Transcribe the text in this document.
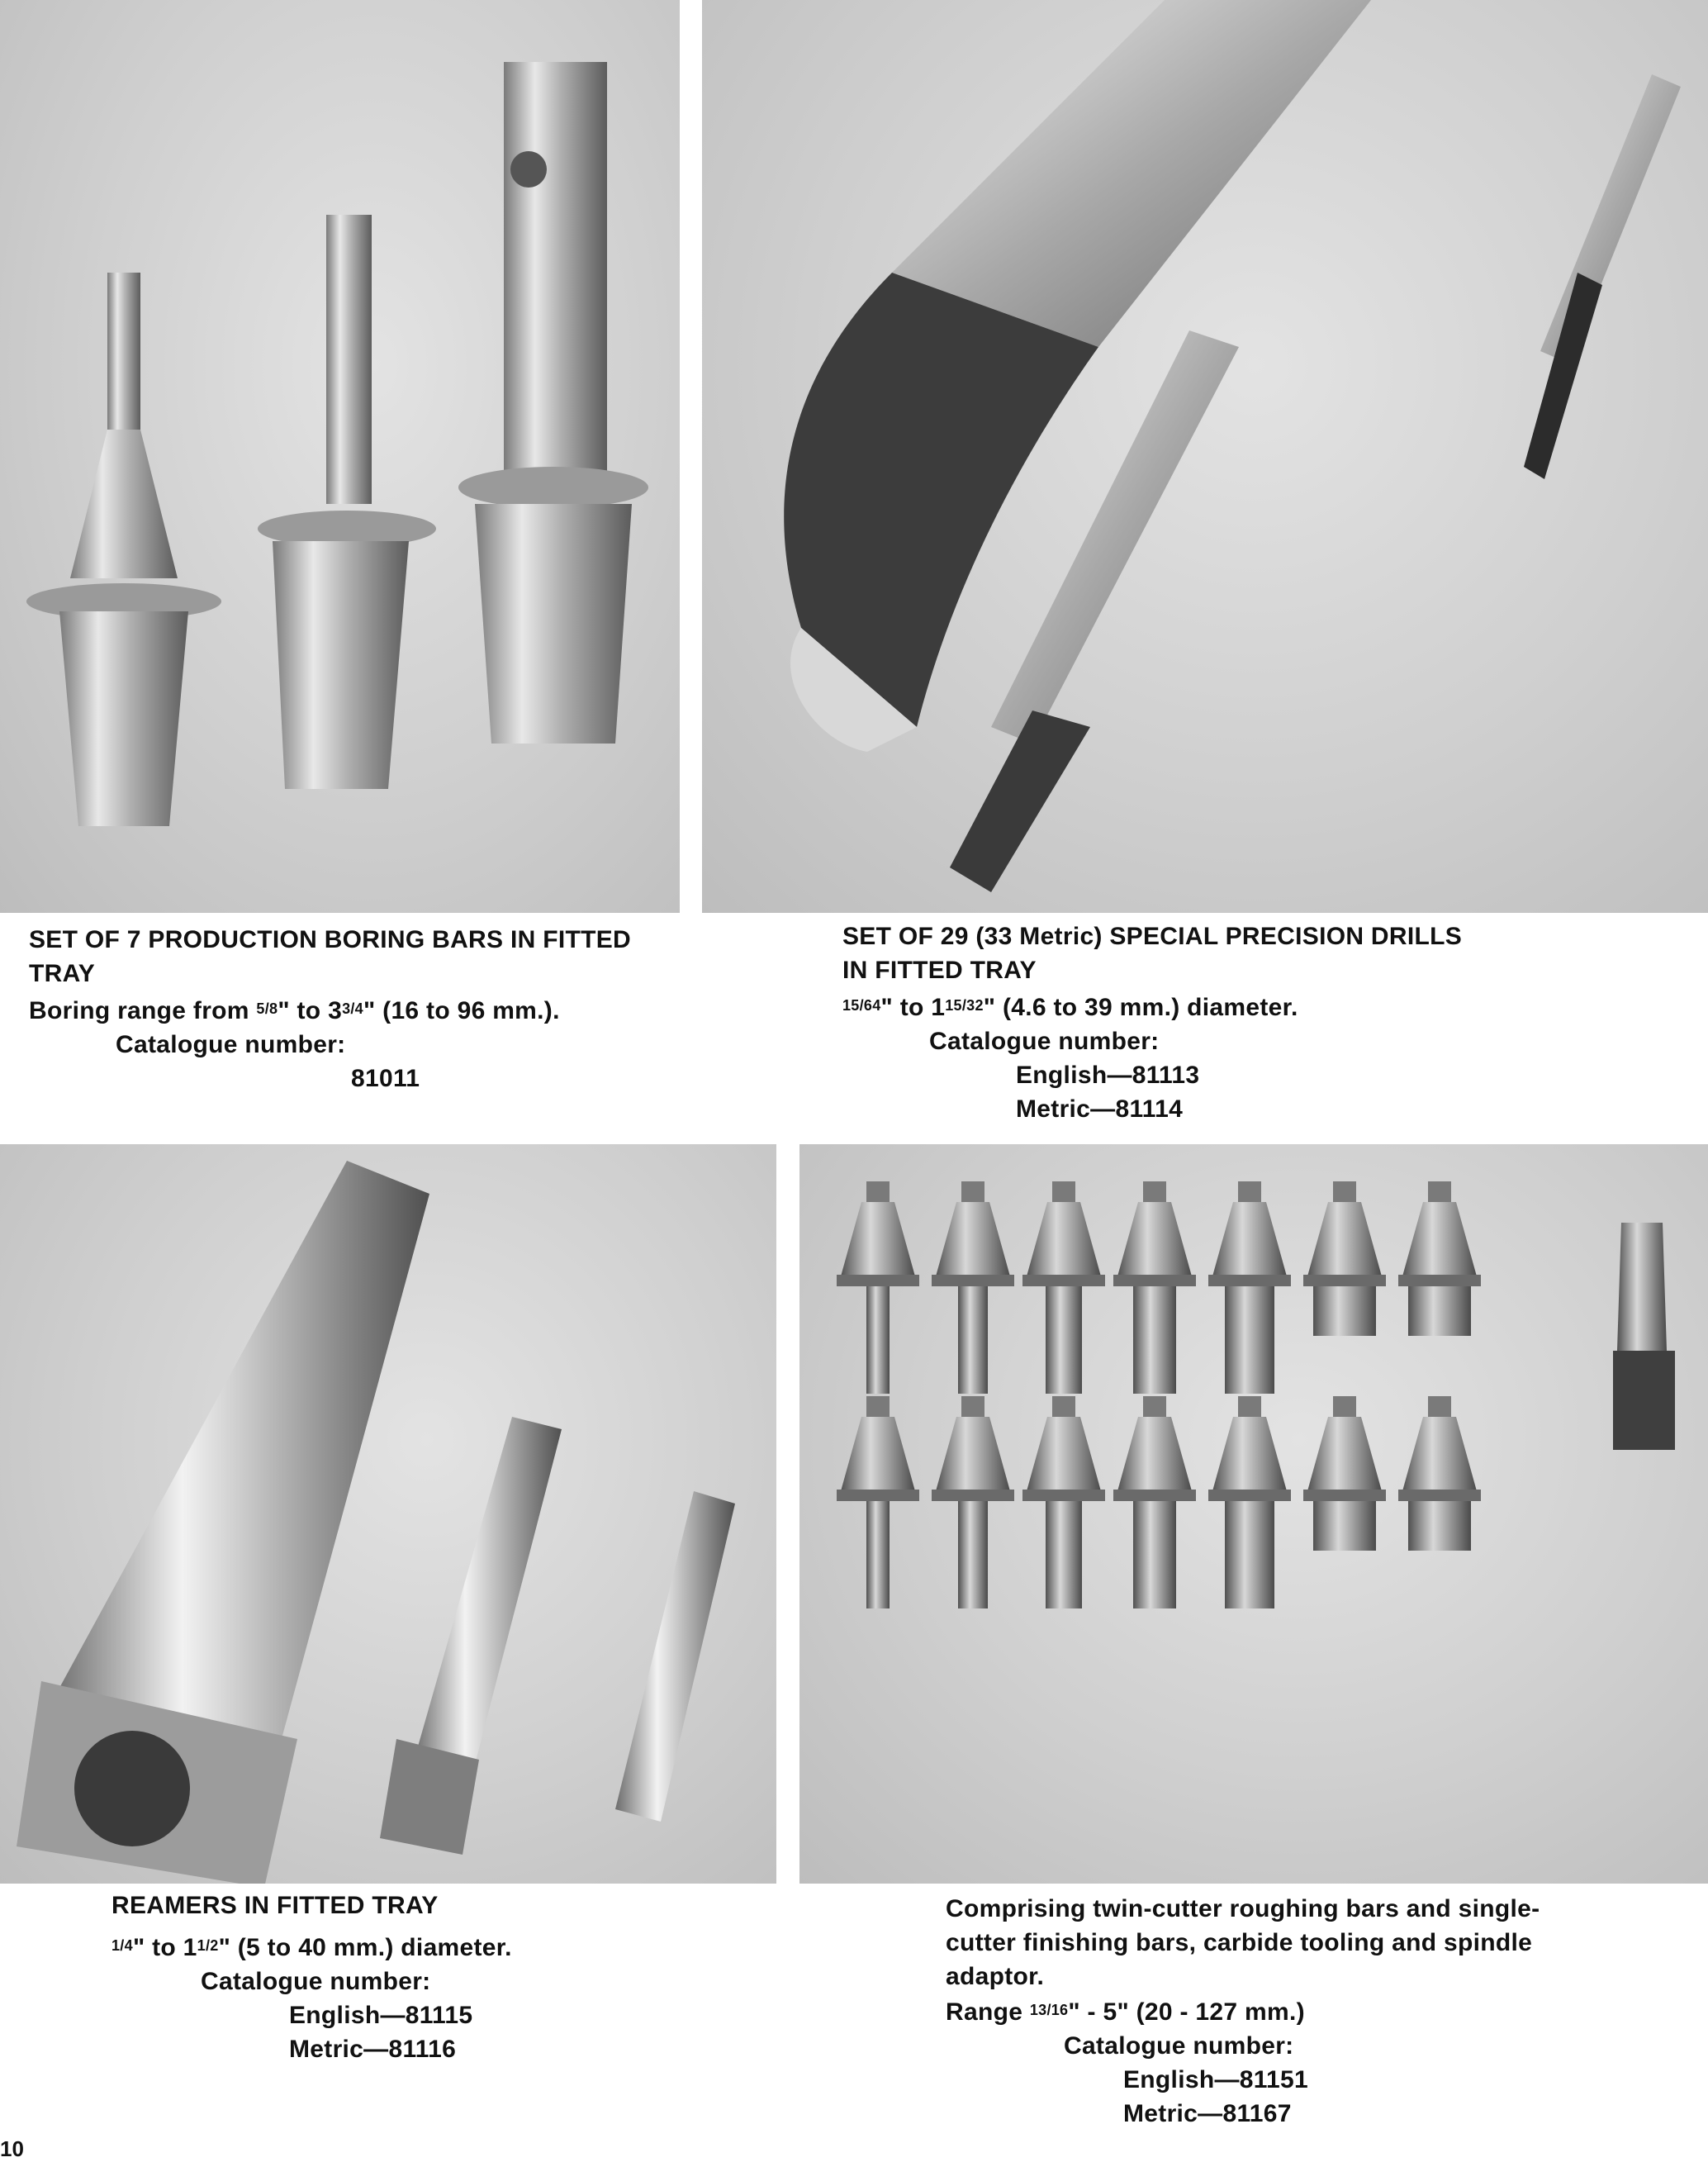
SET OF 7 PRODUCTION BORING BARS IN FITTED
TRAY
Boring range from $^{5/8}$" to $3^{3/4}$" (16 to 96 mm.).
Catalogue number:
81011
SET OF 29 (33 Metric) SPECIAL PRECISION DRILLS
IN FITTED TRAY
$^{15/64}$" to $1^{15/32}$" (4.6 to 39 mm.) diameter.
Catalogue number:
English—81113
Metric—81114
REAMERS IN FITTED TRAY
$^{1/4}$" to $1^{1/2}$" (5 to 40 mm.) diameter.
Catalogue number:
English—81115
Metric—81116
Comprising twin-cutter roughing bars and single-
cutter finishing bars, carbide tooling and spindle
adaptor.
Range $^{13/16}$" - 5" (20 - 127 mm.)
Catalogue number:
English—81151
Metric—81167
10
